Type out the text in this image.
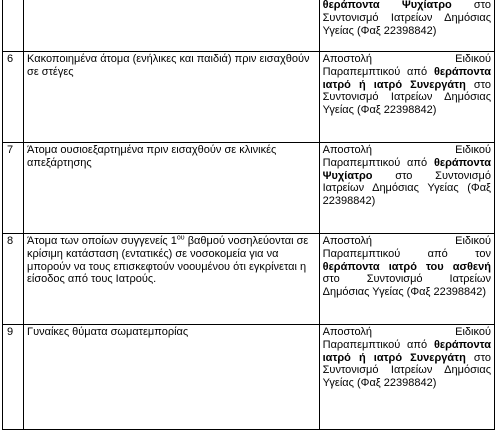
		θεράποντα Ψυχίατρο στο Συντονισμό Ιατρείων Δημόσιας Υγείας (Φαξ 22398842)
6	Κακοποιημένα άτομα (ενήλικες και παιδιά) πριν εισαχθούν σε στέγες	Αποστολή Ειδικού Παραπεμπτικού από θεράποντα ιατρό ή ιατρό Συνεργάτη στο Συντονισμό Ιατρείων Δημόσιας Υγείας (Φαξ 22398842)
7	Άτομα ουσιοεξαρτημένα πριν εισαχθούν σε κλινικές απεξάρτησης	Αποστολή Ειδικού Παραπεμπτικού από θεράποντα Ψυχίατρο στο Συντονισμό Ιατρείων Δημόσιας Υγείας (Φαξ 22398842)
8	Άτομα των οποίων συγγενείς $1^{o\upsilon}$ βαθμού νοσηλεύονται σε κρίσιμη κατάσταση (εντατικές) σε νοσοκομεία για να μπορούν να τους επισκεφτούν νοουμένου ότι εγκρίνεται η είσοδος από τους Ιατρούς.	Αποστολή Ειδικού Παραπεμπτικού από τον θεράποντα ιατρό του ασθενή στο Συντονισμό Ιατρείων Δημόσιας Υγείας (Φαξ 22398842)
9	Γυναίκες θύματα σωματεμπορίας	Αποστολή Ειδικού Παραπεμπτικού από θεράποντα ιατρό ή ιατρό Συνεργάτη στο Συντονισμό Ιατρείων Δημόσιας Υγείας (Φαξ 22398842)
